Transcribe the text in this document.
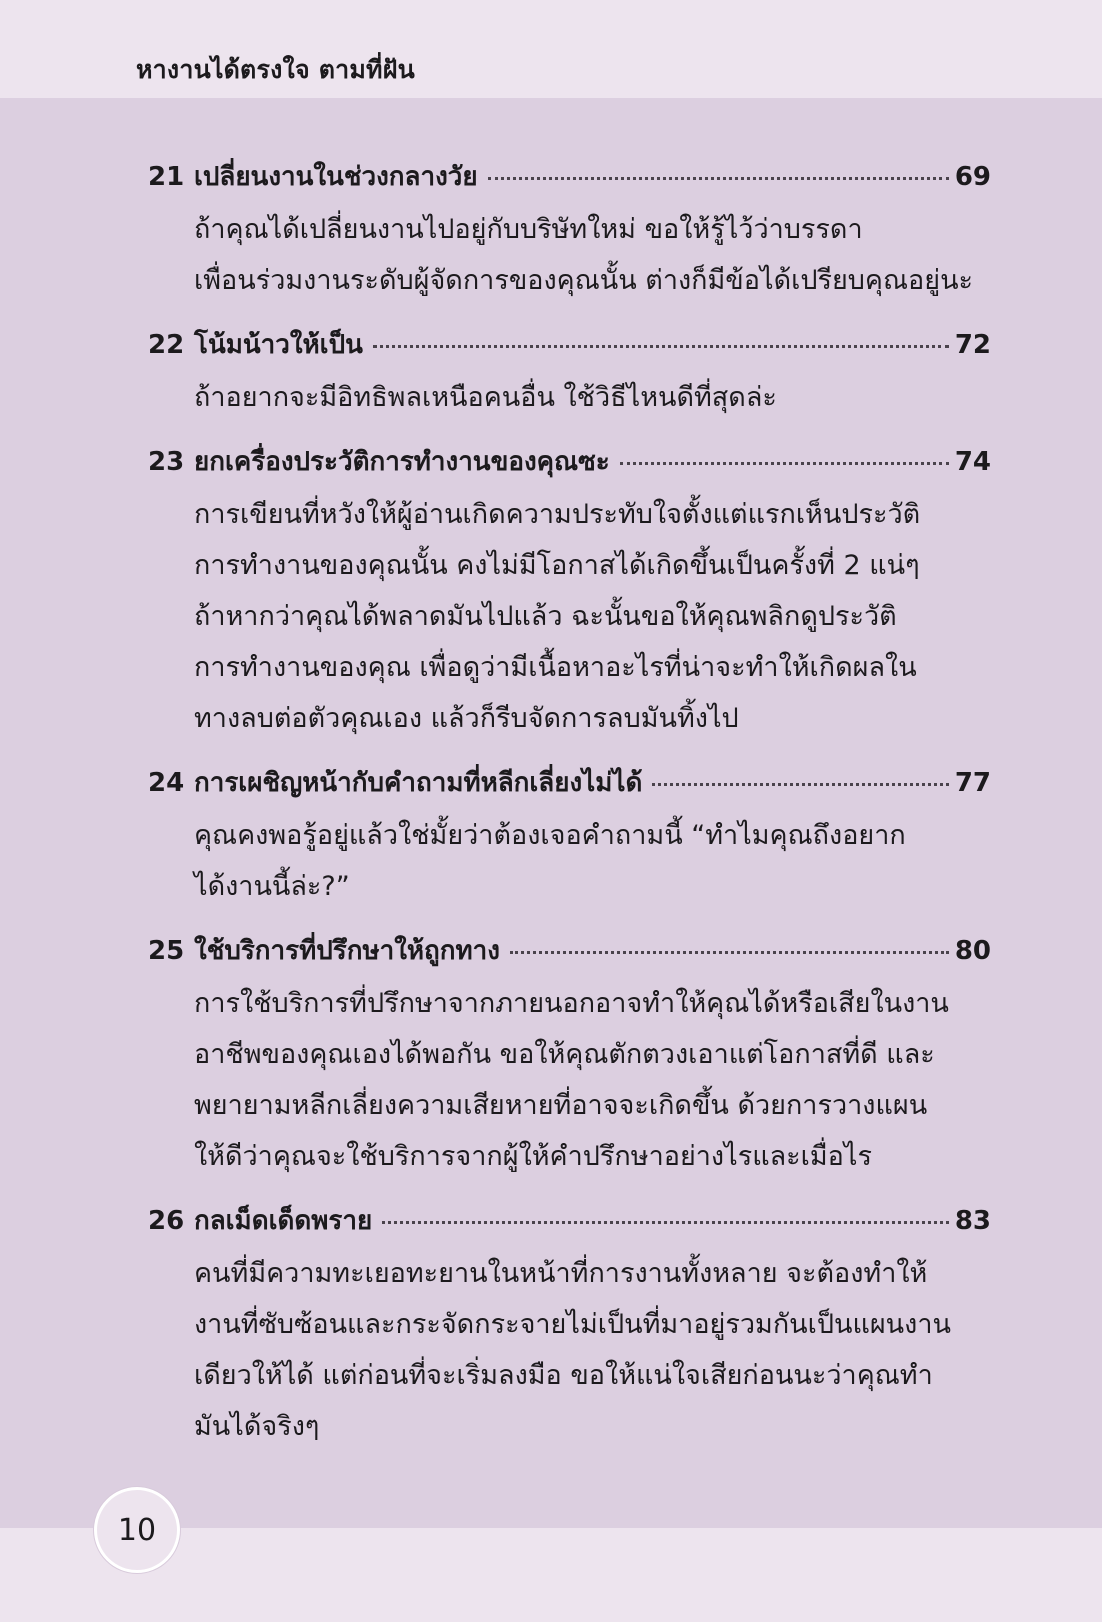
หางานได้ตรงใจ ตามที่ฝัน
21 เปลี่ยนงานในช่วงกลางวัย	69
ถ้าคุณได้เปลี่ยนงานไปอยู่กับบริษัทใหม่ ขอให้รู้ไว้ว่าบรรดา
เพื่อนร่วมงานระดับผู้จัดการของคุณนั้น ต่างก็มีข้อได้เปรียบคุณอยู่นะ
22 โน้มน้าวให้เป็น	72
ถ้าอยากจะมีอิทธิพลเหนือคนอื่น ใช้วิธีไหนดีที่สุดล่ะ
23 ยกเครื่องประวัติการทำงานของคุณซะ	74
การเขียนที่หวังให้ผู้อ่านเกิดความประทับใจตั้งแต่แรกเห็นประวัติ
การทำงานของคุณนั้น คงไม่มีโอกาสได้เกิดขึ้นเป็นครั้งที่ 2 แน่ๆ
ถ้าหากว่าคุณได้พลาดมันไปแล้ว ฉะนั้นขอให้คุณพลิกดูประวัติ
การทำงานของคุณ เพื่อดูว่ามีเนื้อหาอะไรที่น่าจะทำให้เกิดผลใน
ทางลบต่อตัวคุณเอง แล้วก็รีบจัดการลบมันทิ้งไป
24 การเผชิญหน้ากับคำถามที่หลีกเลี่ยงไม่ได้	77
คุณคงพอรู้อยู่แล้วใช่มั้ยว่าต้องเจอคำถามนี้ “ทำไมคุณถึงอยาก
ได้งานนี้ล่ะ?”
25 ใช้บริการที่ปรึกษาให้ถูกทาง	80
การใช้บริการที่ปรึกษาจากภายนอกอาจทำให้คุณได้หรือเสียในงาน
อาชีพของคุณเองได้พอกัน ขอให้คุณตักตวงเอาแต่โอกาสที่ดี และ
พยายามหลีกเลี่ยงความเสียหายที่อาจจะเกิดขึ้น ด้วยการวางแผน
ให้ดีว่าคุณจะใช้บริการจากผู้ให้คำปรึกษาอย่างไรและเมื่อไร
26 กลเม็ดเด็ดพราย	83
คนที่มีความทะเยอทะยานในหน้าที่การงานทั้งหลาย จะต้องทำให้
งานที่ซับซ้อนและกระจัดกระจายไม่เป็นที่มาอยู่รวมกันเป็นแผนงาน
เดียวให้ได้ แต่ก่อนที่จะเริ่มลงมือ ขอให้แน่ใจเสียก่อนนะว่าคุณทำ
มันได้จริงๆ
10
